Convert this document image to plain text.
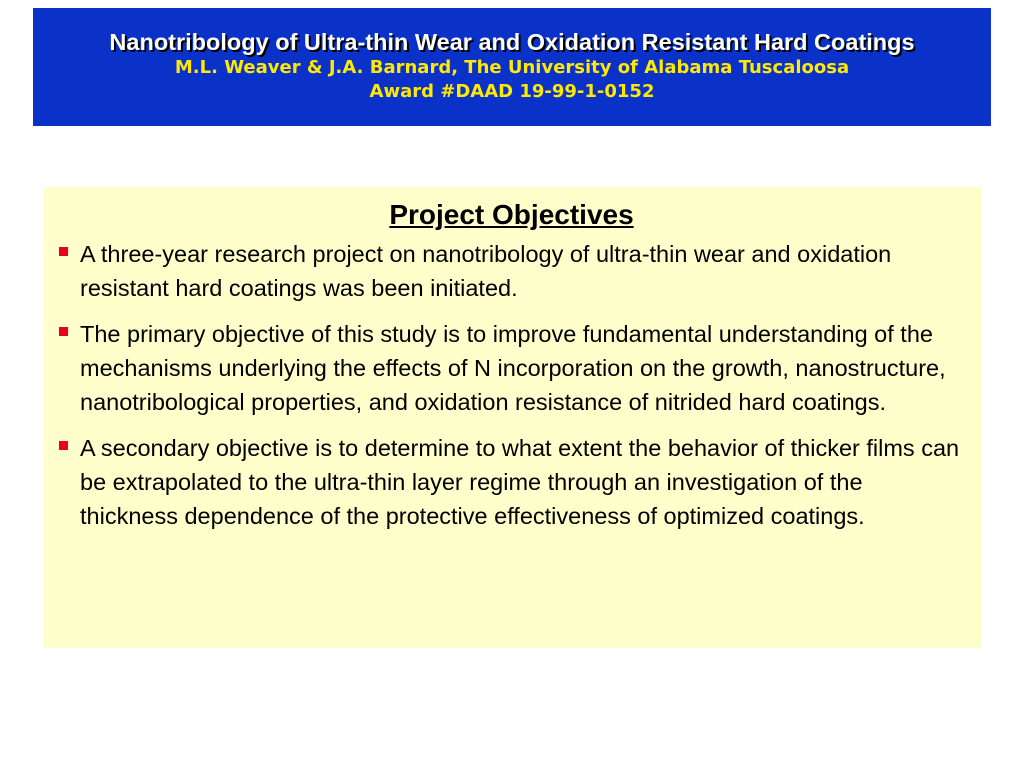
Nanotribology of Ultra-thin Wear and Oxidation Resistant Hard Coatings
M.L. Weaver & J.A. Barnard, The University of Alabama Tuscaloosa
Award #DAAD 19-99-1-0152
Project Objectives
A three-year research project on nanotribology of ultra-thin wear and oxidation resistant hard coatings was been initiated.
The primary objective of this study is to improve fundamental understanding of the mechanisms underlying the effects of N incorporation on the growth, nanostructure, nanotribological properties, and oxidation resistance of nitrided hard coatings.
A secondary objective is to determine to what extent the behavior of thicker films can be extrapolated to the ultra-thin layer regime through an investigation of the thickness dependence of the protective effectiveness of optimized coatings.
